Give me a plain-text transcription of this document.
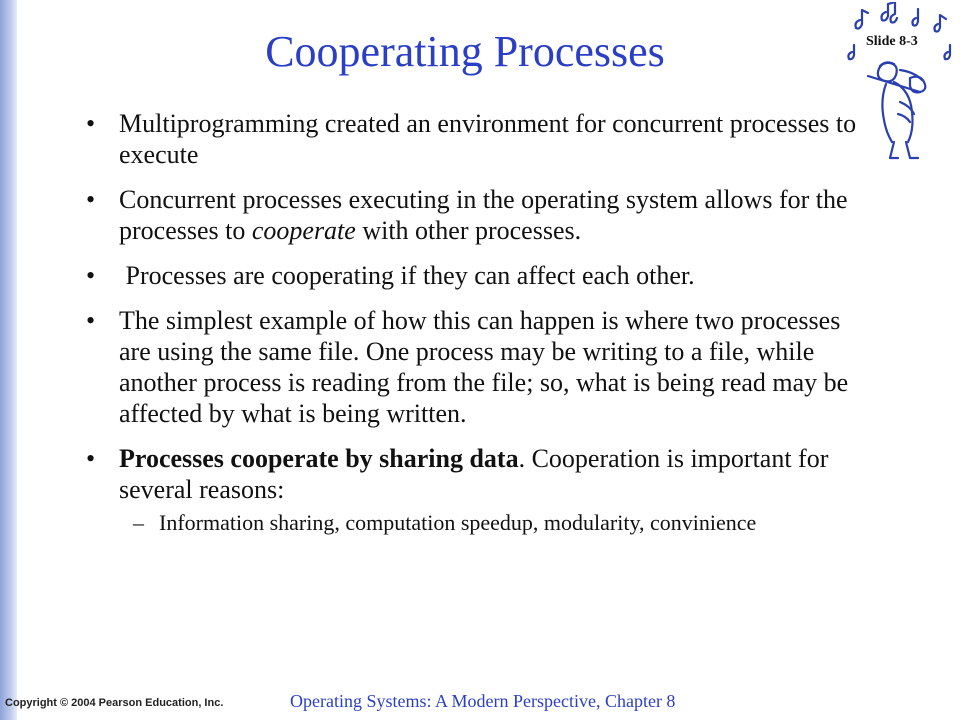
Cooperating Processes	Slide 8-3
• Multiprogramming created an environment for concurrent processes to execute
• Concurrent processes executing in the operating system allows for the processes to cooperate with other processes.
• Processes are cooperating if they can affect each other.
• The simplest example of how this can happen is where two processes are using the same file. One process may be writing to a file, while another process is reading from the file; so, what is being read may be affected by what is being written.
• Processes cooperate by sharing data. Cooperation is important for several reasons:
– Information sharing, computation speedup, modularity, convinience
Copyright © 2004 Pearson Education, Inc.	Operating Systems: A Modern Perspective, Chapter 8
